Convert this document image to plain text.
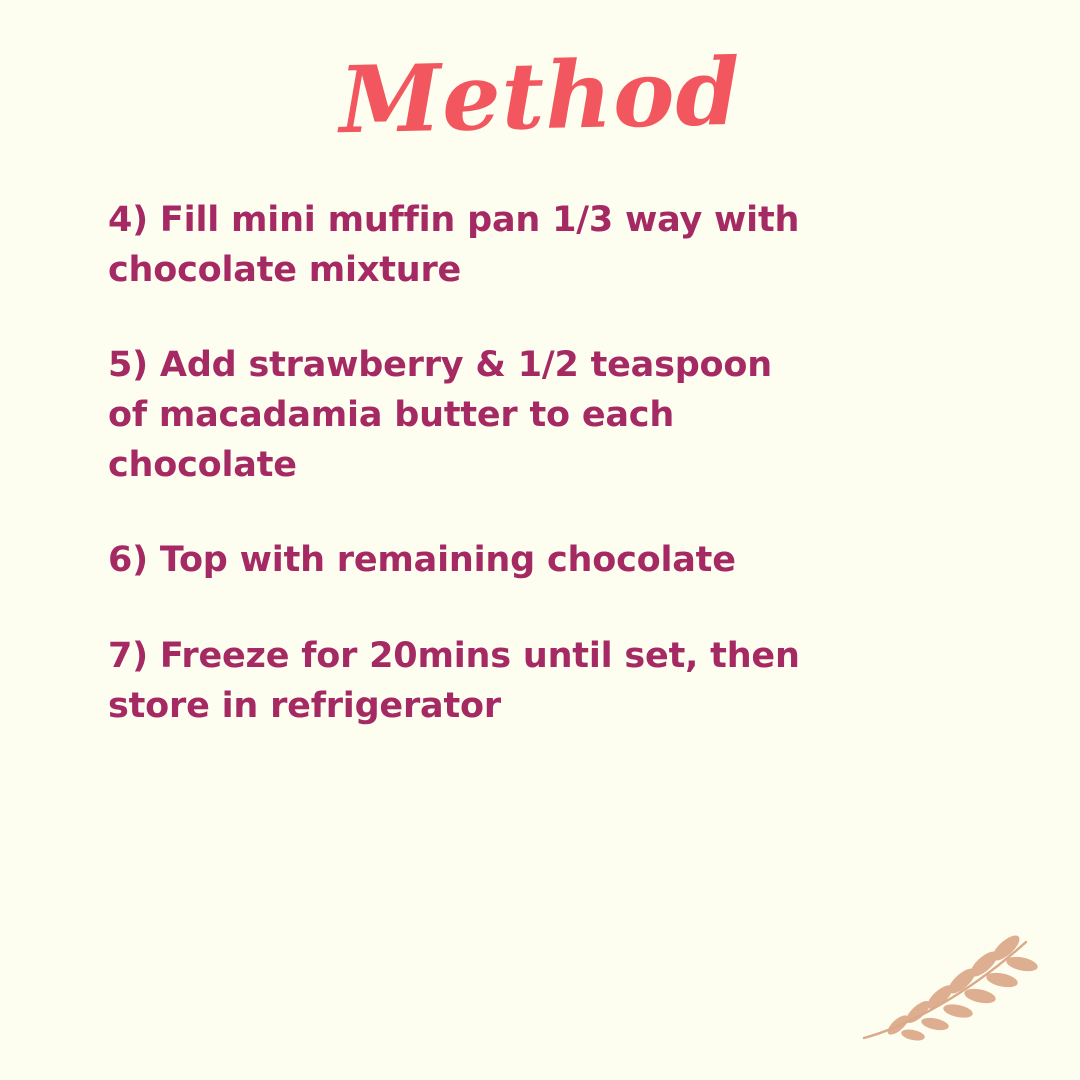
Method
4) Fill mini muffin pan 1/3 way with chocolate mixture
5) Add strawberry & 1/2 teaspoon of macadamia butter to each chocolate
6) Top with remaining chocolate
7) Freeze for 20mins until set, then store in refrigerator
